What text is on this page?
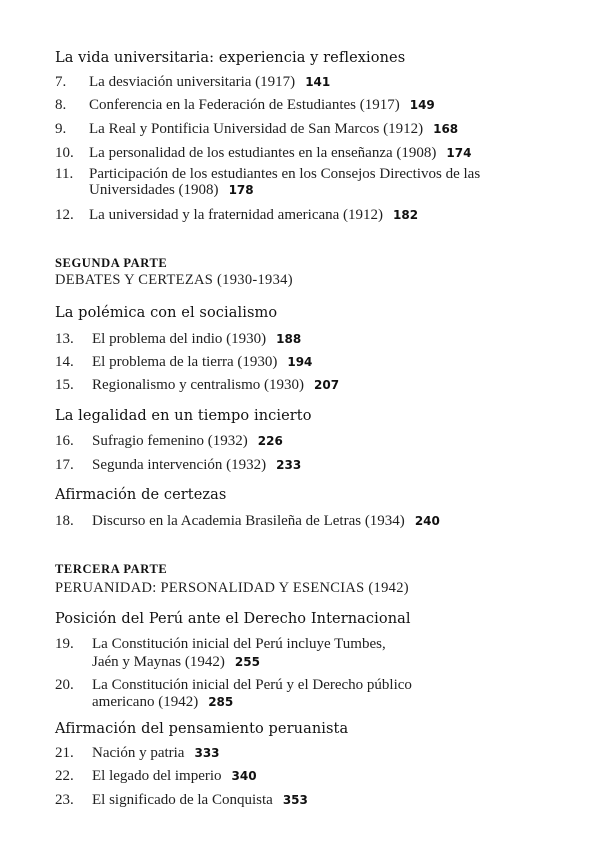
La vida universitaria: experiencia y reflexiones
7. La desviación universitaria (1917) 141
8. Conferencia en la Federación de Estudiantes (1917) 149
9. La Real y Pontificia Universidad de San Marcos (1912) 168
10. La personalidad de los estudiantes en la enseñanza (1908) 174
11. Participación de los estudiantes en los Consejos Directivos de las
Universidades (1908) 178
12. La universidad y la fraternidad americana (1912) 182
SEGUNDA PARTE
DEBATES Y CERTEZAS (1930-1934)
La polémica con el socialismo
13. El problema del indio (1930) 188
14. El problema de la tierra (1930) 194
15. Regionalismo y centralismo (1930) 207
La legalidad en un tiempo incierto
16. Sufragio femenino (1932) 226
17. Segunda intervención (1932) 233
Afirmación de certezas
18. Discurso en la Academia Brasileña de Letras (1934) 240
TERCERA PARTE
PERUANIDAD: PERSONALIDAD Y ESENCIAS (1942)
Posición del Perú ante el Derecho Internacional
19. La Constitución inicial del Perú incluye Tumbes,
Jaén y Maynas (1942) 255
20. La Constitución inicial del Perú y el Derecho público
americano (1942) 285
Afirmación del pensamiento peruanista
21. Nación y patria 333
22. El legado del imperio 340
23. El significado de la Conquista 353
